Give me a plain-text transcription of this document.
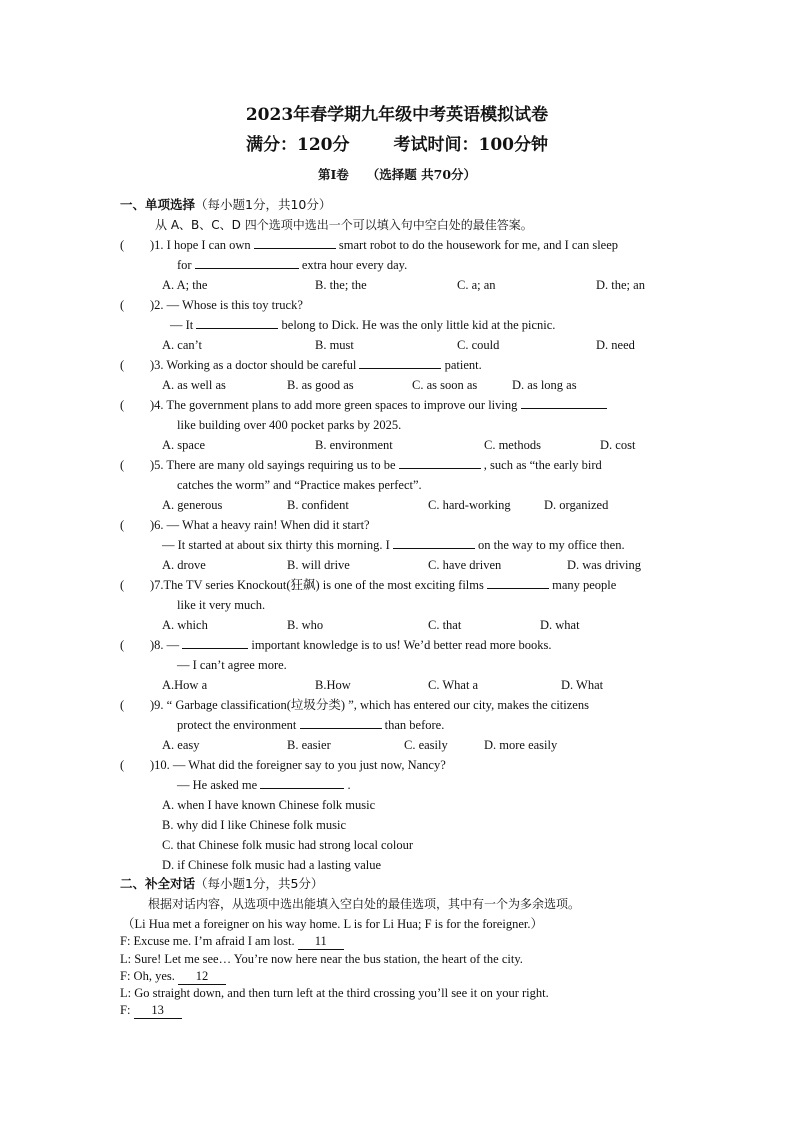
2023年春学期九年级中考英语模拟试卷
满分：120分	考试时间：100分钟
第Ⅰ卷 （选择题 共70分）
一、单项选择（每小题1分，共10分）
从 A、B、C、D 四个选项中选出一个可以填入句中空白处的最佳答案。
( )1. I hope I can own	smart robot to do the housework for me, and I can sleep
for	extra hour every day.
A. A; the	B. the; the	C. a; an	D. the; an
( )2. — Whose is this toy truck?
— It	belong to Dick. He was the only little kid at the picnic.
A. can’t	B. must	C. could	D. need
( )3. Working as a doctor should be careful	patient.
A. as well as	B. as good as	C. as soon as	D. as long as
( )4. The government plans to add more green spaces to improve our living
like building over 400 pocket parks by 2025.
A. space	B. environment	C. methods	D. cost
( )5. There are many old sayings requiring us to be	, such as “the early bird
catches the worm” and “Practice makes perfect”.
A. generous	B. confident	C. hard-working	D. organized
( )6. — What a heavy rain! When did it start?
— It started at about six thirty this morning. I	on the way to my office then.
A. drove	B. will drive	C. have driven	D. was driving
( )7.The TV series Knockout(狂飙) is one of the most exciting films	many people
like it very much.
A. which	B. who	C. that	D. what
( )8. —	important knowledge is to us! We’d better read more books.
— I can’t agree more.
A.How a	B.How	C. What a	D. What
( )9. “ Garbage classification(垃圾分类) ”, which has entered our city, makes the citizens
protect the environment	than before.
A. easy	B. easier	C. easily	D. more easily
( )10. — What did the foreigner say to you just now, Nancy?
— He asked me	.
A. when I have known Chinese folk music
B. why did I like Chinese folk music
C. that Chinese folk music had strong local colour
D. if Chinese folk music had a lasting value
二、补全对话（每小题1分，共5分）
根据对话内容，从选项中选出能填入空白处的最佳选项，其中有一个为多余选项。
（Li Hua met a foreigner on his way home. L is for Li Hua; F is for the foreigner.）
F: Excuse me. I’m afraid I am lost. 11
L: Sure! Let me see… You’re now here near the bus station, the heart of the city.
F: Oh, yes. 12
L: Go straight down, and then turn left at the third crossing you’ll see it on your right.
F: 13
